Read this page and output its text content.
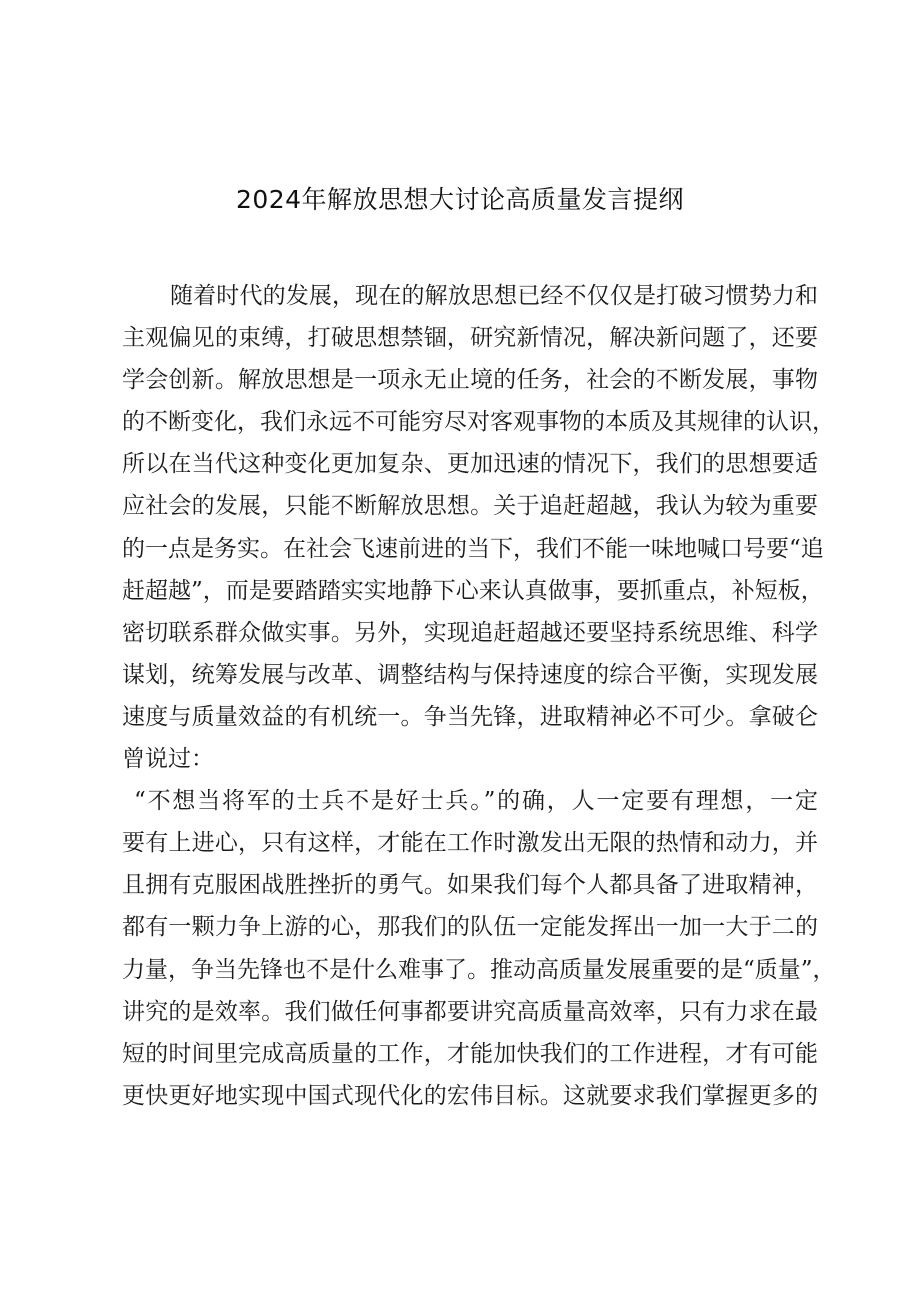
2024年解放思想大讨论高质量发言提纲
随着时代的发展，现在的解放思想已经不仅仅是打破习惯势力和
主观偏见的束缚，打破思想禁锢，研究新情况，解决新问题了，还要
学会创新。解放思想是一项永无止境的任务，社会的不断发展，事物
的不断变化，我们永远不可能穷尽对客观事物的本质及其规律的认识，
所以在当代这种变化更加复杂、更加迅速的情况下，我们的思想要适
应社会的发展，只能不断解放思想。关于追赶超越，我认为较为重要
的一点是务实。在社会飞速前进的当下，我们不能一味地喊口号要“追
赶超越”，而是要踏踏实实地静下心来认真做事，要抓重点，补短板，
密切联系群众做实事。另外，实现追赶超越还要坚持系统思维、科学
谋划，统筹发展与改革、调整结构与保持速度的综合平衡，实现发展
速度与质量效益的有机统一。争当先锋，进取精神必不可少。拿破仑
曾说过：
“不想当将军的士兵不是好士兵。”的确，人一定要有理想，一定
要有上进心，只有这样，才能在工作时激发出无限的热情和动力，并
且拥有克服困战胜挫折的勇气。如果我们每个人都具备了进取精神，
都有一颗力争上游的心，那我们的队伍一定能发挥出一加一大于二的
力量，争当先锋也不是什么难事了。推动高质量发展重要的是“质量”，
讲究的是效率。我们做任何事都要讲究高质量高效率，只有力求在最
短的时间里完成高质量的工作，才能加快我们的工作进程，才有可能
更快更好地实现中国式现代化的宏伟目标。这就要求我们掌握更多的
